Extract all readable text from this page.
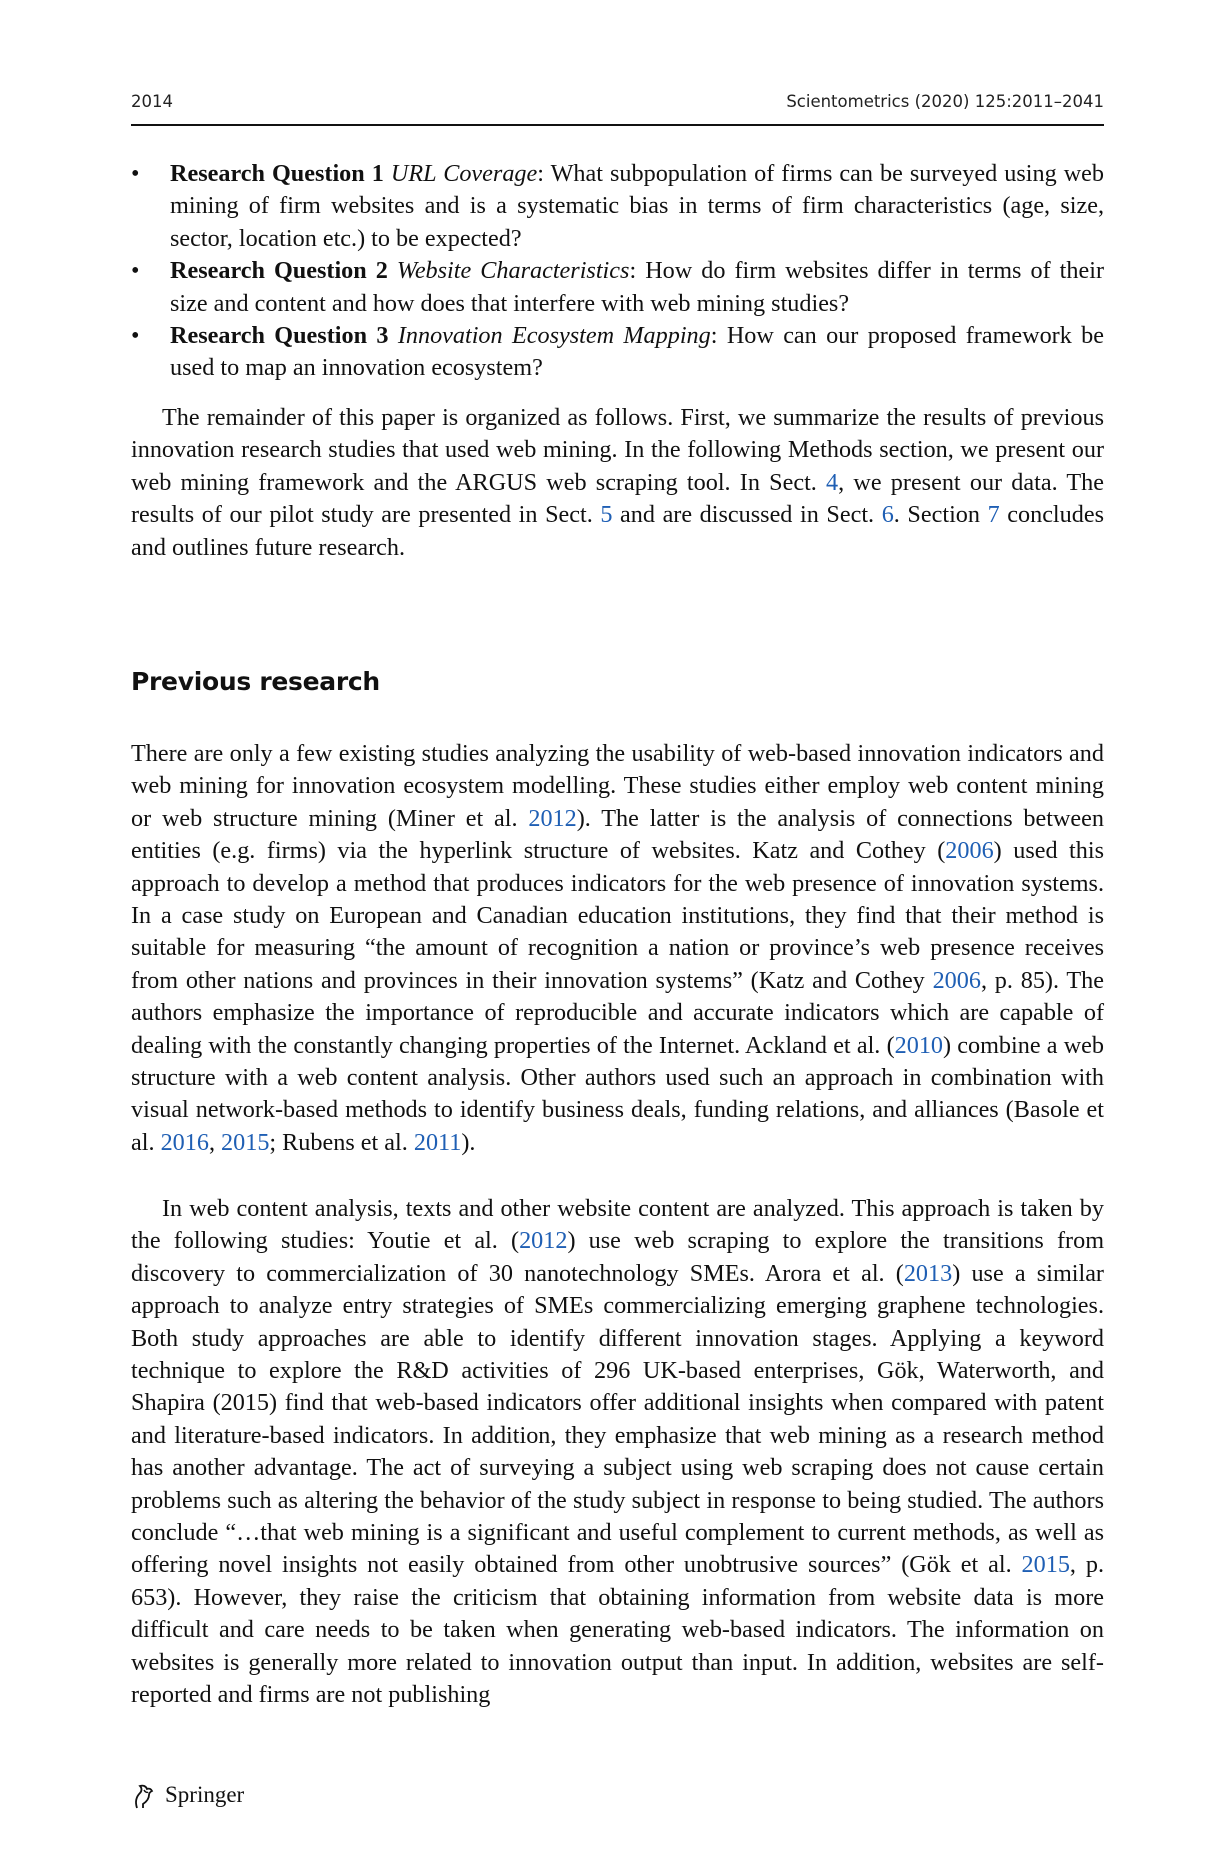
2014	Scientometrics (2020) 125:2011–2041
• Research Question 1 URL Coverage: What subpopulation of firms can be surveyed using web mining of firm websites and is a systematic bias in terms of firm characteristics (age, size, sector, location etc.) to be expected?
• Research Question 2 Website Characteristics: How do firm websites differ in terms of their size and content and how does that interfere with web mining studies?
• Research Question 3 Innovation Ecosystem Mapping: How can our proposed framework be used to map an innovation ecosystem?

The remainder of this paper is organized as follows. First, we summarize the results of previous innovation research studies that used web mining. In the following Methods section, we present our web mining framework and the ARGUS web scraping tool. In Sect. 4, we present our data. The results of our pilot study are presented in Sect. 5 and are discussed in Sect. 6. Section 7 concludes and outlines future research.

Previous research

There are only a few existing studies analyzing the usability of web-based innovation indicators and web mining for innovation ecosystem modelling. These studies either employ web content mining or web structure mining (Miner et al. 2012). The latter is the analysis of connections between entities (e.g. firms) via the hyperlink structure of websites. Katz and Cothey (2006) used this approach to develop a method that produces indicators for the web presence of innovation systems. In a case study on European and Canadian education institutions, they find that their method is suitable for measuring “the amount of recognition a nation or province’s web presence receives from other nations and provinces in their innovation systems” (Katz and Cothey 2006, p. 85). The authors emphasize the importance of reproducible and accurate indicators which are capable of dealing with the constantly changing properties of the Internet. Ackland et al. (2010) combine a web structure with a web content analysis. Other authors used such an approach in combination with visual network-based methods to identify business deals, funding relations, and alliances (Basole et al. 2016, 2015; Rubens et al. 2011).

In web content analysis, texts and other website content are analyzed. This approach is taken by the following studies: Youtie et al. (2012) use web scraping to explore the transitions from discovery to commercialization of 30 nanotechnology SMEs. Arora et al. (2013) use a similar approach to analyze entry strategies of SMEs commercializing emerging graphene technologies. Both study approaches are able to identify different innovation stages. Applying a keyword technique to explore the R&D activities of 296 UK-based enterprises, Gök, Waterworth, and Shapira (2015) find that web-based indicators offer additional insights when compared with patent and literature-based indicators. In addition, they emphasize that web mining as a research method has another advantage. The act of surveying a subject using web scraping does not cause certain problems such as altering the behavior of the study subject in response to being studied. The authors conclude “…that web mining is a significant and useful complement to current methods, as well as offering novel insights not easily obtained from other unobtrusive sources” (Gök et al. 2015, p. 653). However, they raise the criticism that obtaining information from website data is more difficult and care needs to be taken when generating web-based indicators. The information on websites is generally more related to innovation output than input. In addition, websites are self-reported and firms are not publishing

Springer
